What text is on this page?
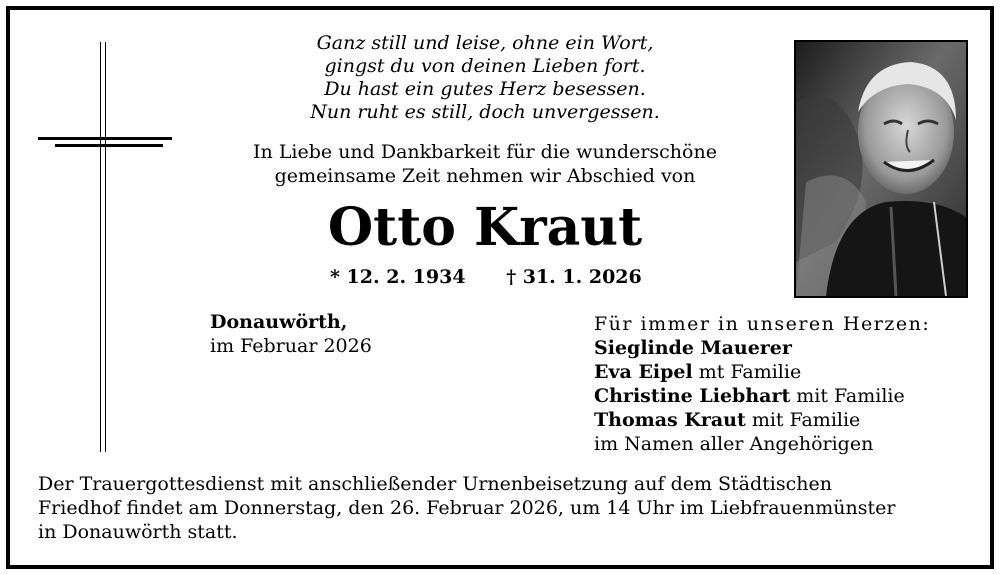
Ganz still und leise, ohne ein Wort,
gingst du von deinen Lieben fort.
Du hast ein gutes Herz besessen.
Nun ruht es still, doch unvergessen.
In Liebe und Dankbarkeit für die wunderschöne
gemeinsame Zeit nehmen wir Abschied von
Otto Kraut
* 12. 2. 1934 † 31. 1. 2026
Donauwörth,
im Februar 2026
Für immer in unseren Herzen:
Sieglinde Mauerer
Eva Eipel mt Familie
Christine Liebhart mit Familie
Thomas Kraut mit Familie
im Namen aller Angehörigen
Der Trauergottesdienst mit anschließender Urnenbeisetzung auf dem Städtischen
Friedhof findet am Donnerstag, den 26. Februar 2026, um 14 Uhr im Liebfrauenmünster
in Donauwörth statt.
